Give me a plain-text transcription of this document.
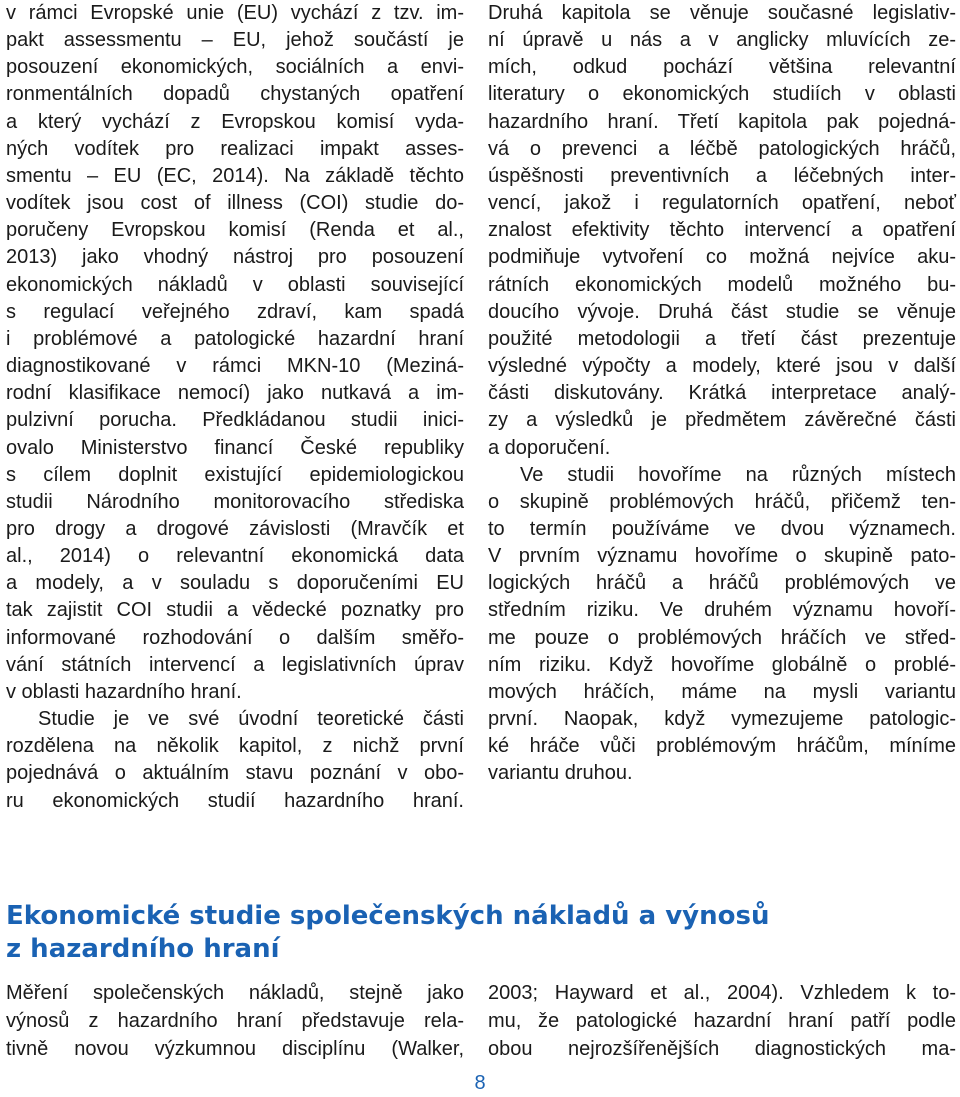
v rámci Evropské unie (EU) vychází z tzv. im-
pakt assessmentu – EU, jehož součástí je
posouzení ekonomických, sociálních a envi-
ronmentálních dopadů chystaných opatření
a který vychází z Evropskou komisí vyda-
ných vodítek pro realizaci impakt asses-
smentu – EU (EC, 2014). Na základě těchto
vodítek jsou cost of illness (COI) studie do-
poručeny Evropskou komisí (Renda et al.,
2013) jako vhodný nástroj pro posouzení
ekonomických nákladů v oblasti související
s regulací veřejného zdraví, kam spadá
i problémové a patologické hazardní hraní
diagnostikované v rámci MKN-10 (Meziná-
rodní klasifikace nemocí) jako nutkavá a im-
pulzivní porucha. Předkládanou studii inici-
ovalo Ministerstvo financí České republiky
s cílem doplnit existující epidemiologickou
studii Národního monitorovacího střediska
pro drogy a drogové závislosti (Mravčík et
al., 2014) o relevantní ekonomická data
a modely, a v souladu s doporučeními EU
tak zajistit COI studii a vědecké poznatky pro
informované rozhodování o dalším směřo-
vání státních intervencí a legislativních úprav
v oblasti hazardního hraní.
Studie je ve své úvodní teoretické části
rozdělena na několik kapitol, z nichž první
pojednává o aktuálním stavu poznání v obo-
ru ekonomických studií hazardního hraní.
Druhá kapitola se věnuje současné legislativ-
ní úpravě u nás a v anglicky mluvících ze-
mích, odkud pochází většina relevantní
literatury o ekonomických studiích v oblasti
hazardního hraní. Třetí kapitola pak pojedná-
vá o prevenci a léčbě patologických hráčů,
úspěšnosti preventivních a léčebných inter-
vencí, jakož i regulatorních opatření, neboť
znalost efektivity těchto intervencí a opatření
podmiňuje vytvoření co možná nejvíce aku-
rátních ekonomických modelů možného bu-
doucího vývoje. Druhá část studie se věnuje
použité metodologii a třetí část prezentuje
výsledné výpočty a modely, které jsou v další
části diskutovány. Krátká interpretace analý-
zy a výsledků je předmětem závěrečné části
a doporučení.
Ve studii hovoříme na různých místech
o skupině problémových hráčů, přičemž ten-
to termín používáme ve dvou významech.
V prvním významu hovoříme o skupině pato-
logických hráčů a hráčů problémových ve
středním riziku. Ve druhém významu hovoří-
me pouze o problémových hráčích ve střed-
ním riziku. Když hovoříme globálně o problé-
mových hráčích, máme na mysli variantu
první. Naopak, když vymezujeme patologic-
ké hráče vůči problémovým hráčům, míníme
variantu druhou.
Ekonomické studie společenských nákladů a výnosů
z hazardního hraní
Měření společenských nákladů, stejně jako
výnosů z hazardního hraní představuje rela-
tivně novou výzkumnou disciplínu (Walker,
2003; Hayward et al., 2004). Vzhledem k to-
mu, že patologické hazardní hraní patří podle
obou nejrozšířenějších diagnostických ma-
8
